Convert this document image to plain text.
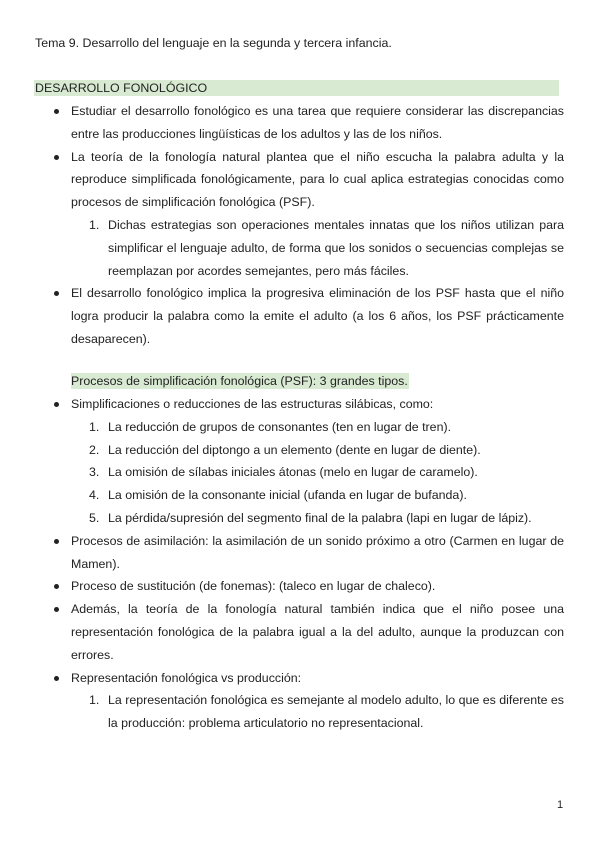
Tema 9. Desarrollo del lenguaje en la segunda y tercera infancia.
DESARROLLO FONOLÓGICO
Estudiar el desarrollo fonológico es una tarea que requiere considerar las discrepancias entre las producciones lingüísticas de los adultos y las de los niños.
La teoría de la fonología natural plantea que el niño escucha la palabra adulta y la reproduce simplificada fonológicamente, para lo cual aplica estrategias conocidas como procesos de simplificación fonológica (PSF).
1. Dichas estrategias son operaciones mentales innatas que los niños utilizan para simplificar el lenguaje adulto, de forma que los sonidos o secuencias complejas se reemplazan por acordes semejantes, pero más fáciles.
El desarrollo fonológico implica la progresiva eliminación de los PSF hasta que el niño logra producir la palabra como la emite el adulto (a los 6 años, los PSF prácticamente desaparecen).
Procesos de simplificación fonológica (PSF): 3 grandes tipos.
Simplificaciones o reducciones de las estructuras silábicas, como:
1. La reducción de grupos de consonantes (ten en lugar de tren).
2. La reducción del diptongo a un elemento (dente en lugar de diente).
3. La omisión de sílabas iniciales átonas (melo en lugar de caramelo).
4. La omisión de la consonante inicial (ufanda en lugar de bufanda).
5. La pérdida/supresión del segmento final de la palabra (lapi en lugar de lápiz).
Procesos de asimilación: la asimilación de un sonido próximo a otro (Carmen en lugar de Mamen).
Proceso de sustitución (de fonemas): (taleco en lugar de chaleco).
Además, la teoría de la fonología natural también indica que el niño posee una representación fonológica de la palabra igual a la del adulto, aunque la produzcan con errores.
Representación fonológica vs producción:
1. La representación fonológica es semejante al modelo adulto, lo que es diferente es la producción: problema articulatorio no representacional.
1
